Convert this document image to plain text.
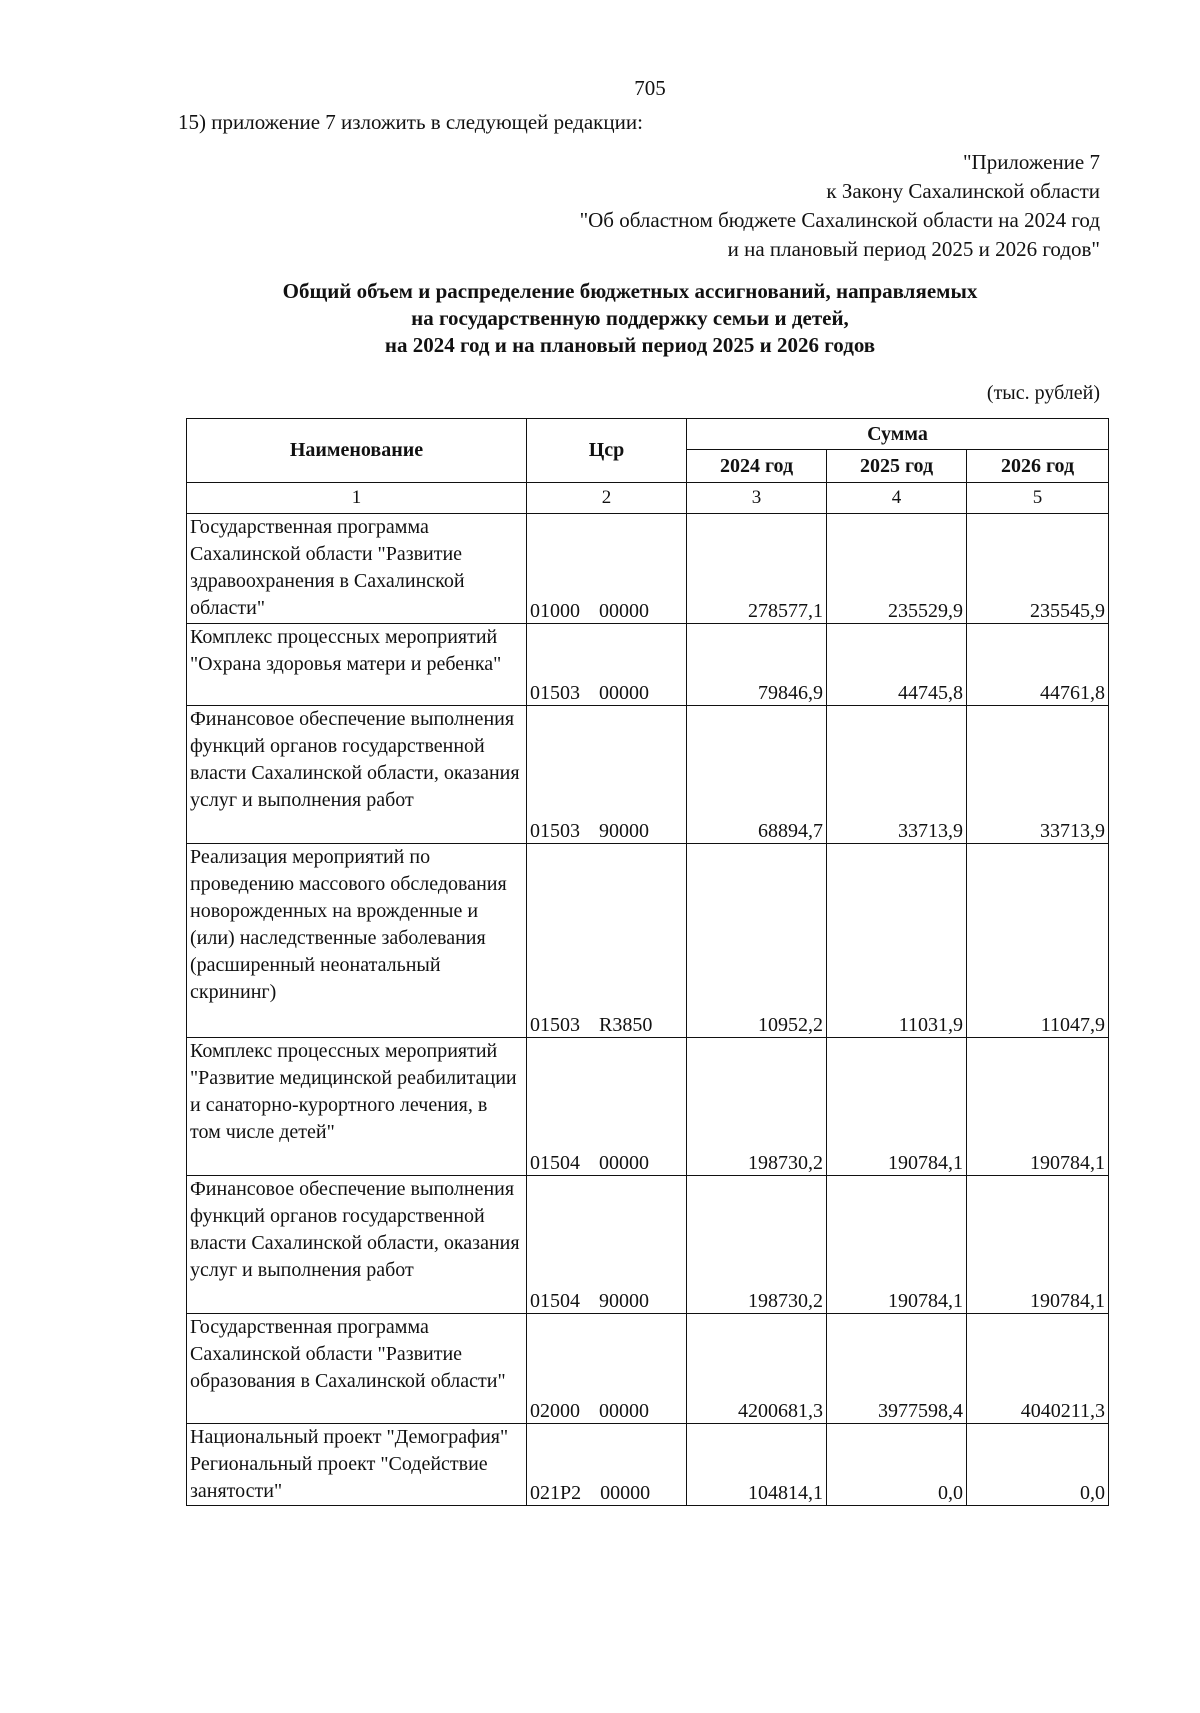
705
15) приложение 7 изложить в следующей редакции:
"Приложение 7
к Закону Сахалинской области
"Об областном бюджете Сахалинской области на 2024 год
и на плановый период 2025 и 2026 годов"
Общий объем и распределение бюджетных ассигнований, направляемых
на государственную поддержку семьи и детей,
на 2024 год и на плановый период 2025 и 2026 годов
(тыс. рублей)
Наименование	Цср	Сумма		
		2024 год	2025 год	2026 год
1	2	3	4	5
Государственная программа Сахалинской области "Развитие здравоохранения в Сахалинской области"	01000 00000	278577,1	235529,9	235545,9
Комплекс процессных мероприятий "Охрана здоровья матери и ребенка"	01503 00000	79846,9	44745,8	44761,8
Финансовое обеспечение выполнения функций органов государственной власти Сахалинской области, оказания услуг и выполнения работ	01503 90000	68894,7	33713,9	33713,9
Реализация мероприятий по проведению массового обследования новорожденных на врожденные и (или) наследственные заболевания (расширенный неонатальный скрининг)	01503 R3850	10952,2	11031,9	11047,9
Комплекс процессных мероприятий "Развитие медицинской реабилитации и санаторно-курортного лечения, в том числе детей"	01504 00000	198730,2	190784,1	190784,1
Финансовое обеспечение выполнения функций органов государственной власти Сахалинской области, оказания услуг и выполнения работ	01504 90000	198730,2	190784,1	190784,1
Государственная программа Сахалинской области "Развитие образования в Сахалинской области"	02000 00000	4200681,3	3977598,4	4040211,3
Национальный проект "Демография" Региональный проект "Содействие занятости"	021P2 00000	104814,1	0,0	0,0
